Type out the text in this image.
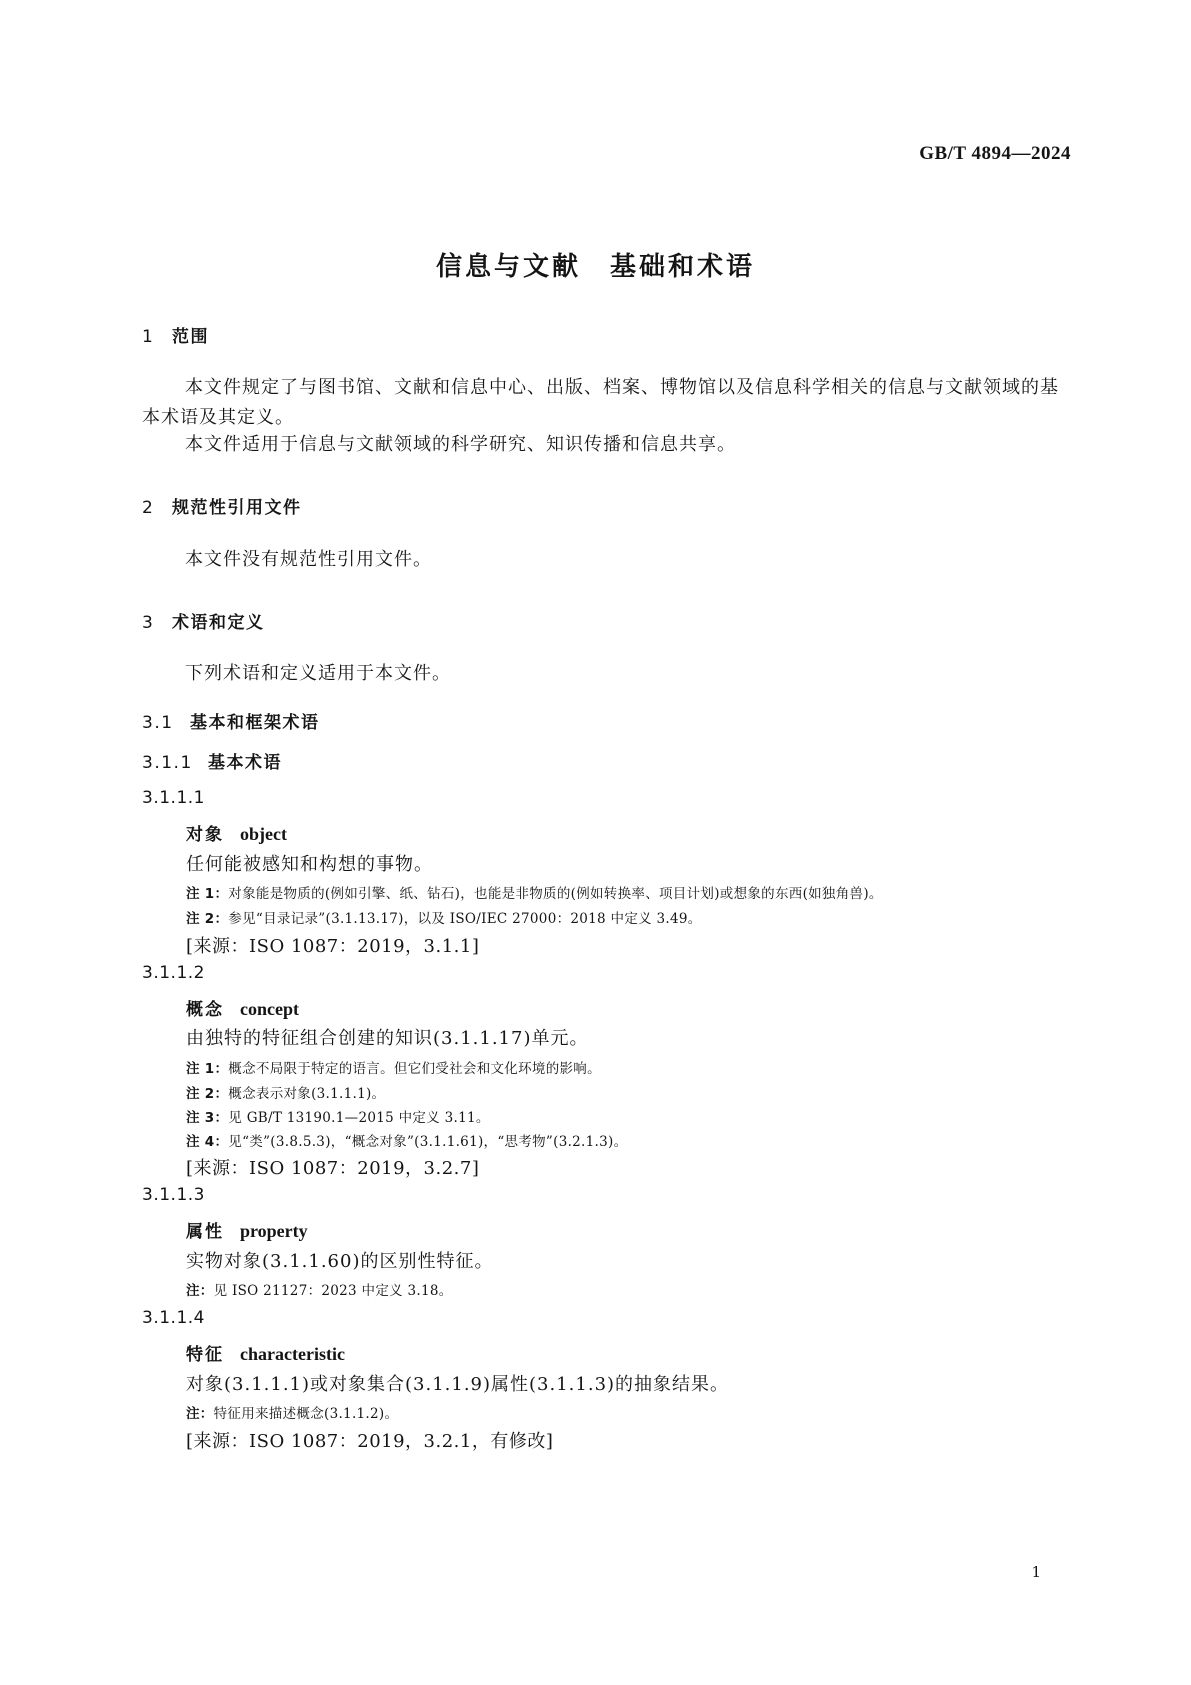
GB/T 4894—2024
信息与文献　基础和术语
1 范围
本文件规定了与图书馆、文献和信息中心、出版、档案、博物馆以及信息科学相关的信息与文献领域的基本术语及其定义。
本文件适用于信息与文献领域的科学研究、知识传播和信息共享。
2 规范性引用文件
本文件没有规范性引用文件。
3 术语和定义
下列术语和定义适用于本文件。
3.1 基本和框架术语
3.1.1 基本术语
3.1.1.1
对象 object
任何能被感知和构想的事物。
注 1：对象能是物质的(例如引擎、纸、钻石)，也能是非物质的(例如转换率、项目计划)或想象的东西(如独角兽)。
注 2：参见“目录记录”(3.1.13.17)，以及 ISO/IEC 27000：2018 中定义 3.49。
[来源：ISO 1087：2019，3.1.1]
3.1.1.2
概念 concept
由独特的特征组合创建的知识(3.1.1.17)单元。
注 1：概念不局限于特定的语言。但它们受社会和文化环境的影响。
注 2：概念表示对象(3.1.1.1)。
注 3：见 GB/T 13190.1—2015 中定义 3.11。
注 4：见“类”(3.8.5.3)，“概念对象”(3.1.1.61)，“思考物”(3.2.1.3)。
[来源：ISO 1087：2019，3.2.7]
3.1.1.3
属性 property
实物对象(3.1.1.60)的区别性特征。
注：见 ISO 21127：2023 中定义 3.18。
3.1.1.4
特征 characteristic
对象(3.1.1.1)或对象集合(3.1.1.9)属性(3.1.1.3)的抽象结果。
注：特征用来描述概念(3.1.1.2)。
[来源：ISO 1087：2019，3.2.1，有修改]
1
